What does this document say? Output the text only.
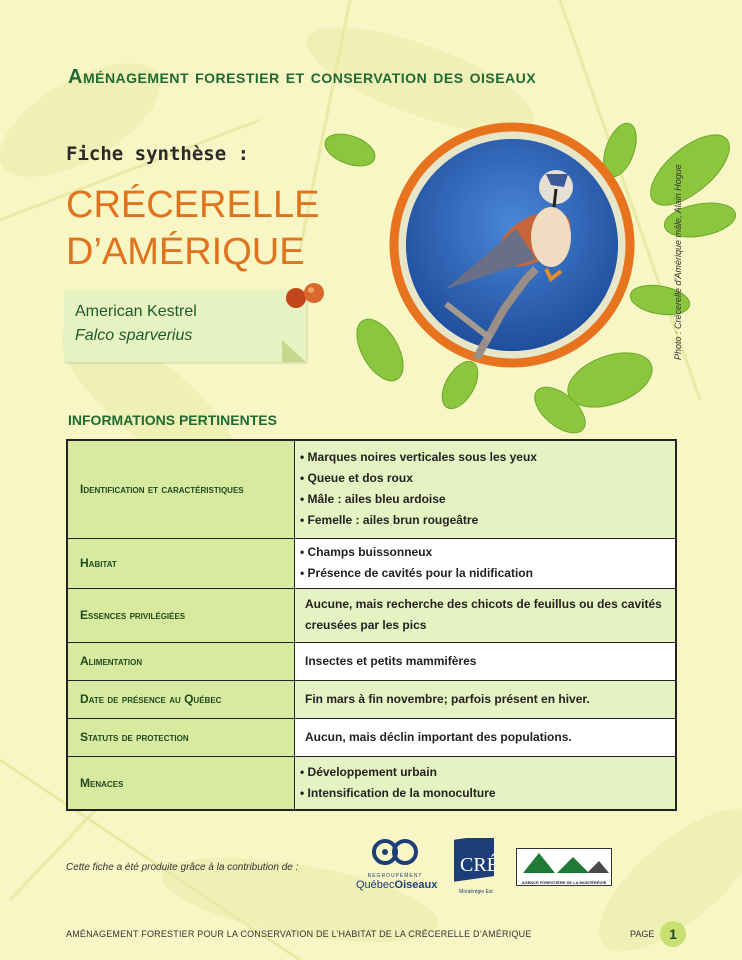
Aménagement forestier et conservation des oiseaux
Fiche synthèse :
CRÉCERELLE
D’AMÉRIQUE
American Kestrel
Falco sparverius	Photo : Crécerelle d’Amérique mâle, Alain Hogue
INFORMATIONS PERTINENTES
Identification et caractéristiques	• Marques noires verticales sous les yeux
• Queue et dos roux
• Mâle : ailes bleu ardoise
• Femelle : ailes brun rougeâtre

Habitat	• Champs buissonneux
• Présence de cavités pour la nidification

Essences privilégiées	Aucune, mais recherche des chicots de feuillus ou des cavités creusées par les pics

Alimentation	Insectes et petits mammifères

Date de présence au Québec	Fin mars à fin novembre; parfois présent en hiver.

Statuts de protection	Aucun, mais déclin important des populations.

Menaces	• Développement urbain
• Intensification de la monoculture
Cette fiche a été produite grâce à la contribution de :
REGROUPEMENT
QuébecOiseaux
CRÉ
Montérégie Est
AGENCE FORESTIÈRE DE LA MONTÉRÉGIE
AMÉNAGEMENT FORESTIER POUR LA CONSERVATION DE L’HABITAT DE LA CRÉCERELLE D’AMÉRIQUE	PAGE	1
